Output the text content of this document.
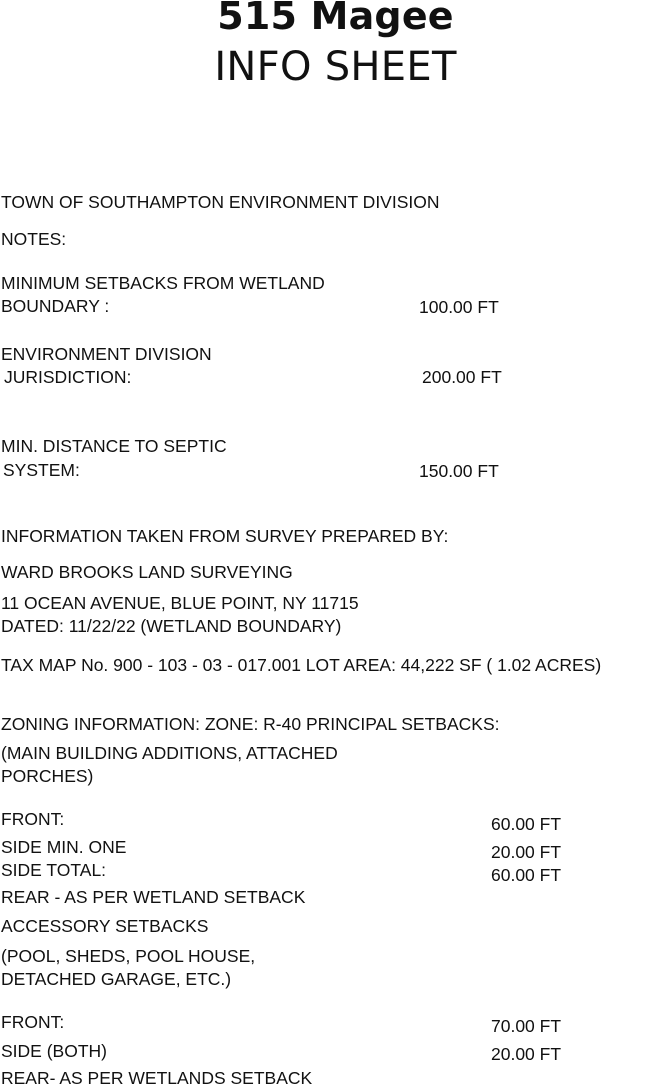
515 Magee
INFO SHEET
TOWN OF SOUTHAMPTON ENVIRONMENT DIVISION
NOTES:
MINIMUM SETBACKS FROM WETLAND
BOUNDARY :	100.00 FT
ENVIRONMENT DIVISION
JURISDICTION:	200.00 FT
MIN. DISTANCE TO SEPTIC
SYSTEM:	150.00 FT
INFORMATION TAKEN FROM SURVEY PREPARED BY:
WARD BROOKS LAND SURVEYING
11 OCEAN AVENUE, BLUE POINT, NY 11715
DATED: 11/22/22 (WETLAND BOUNDARY)
TAX MAP No. 900 - 103 - 03 - 017.001 LOT AREA: 44,222 SF ( 1.02 ACRES)
ZONING INFORMATION: ZONE: R-40 PRINCIPAL SETBACKS:
(MAIN BUILDING ADDITIONS, ATTACHED
PORCHES)
FRONT:	60.00 FT
SIDE MIN. ONE	20.00 FT
SIDE TOTAL:	60.00 FT
REAR - AS PER WETLAND SETBACK
ACCESSORY SETBACKS
(POOL, SHEDS, POOL HOUSE,
DETACHED GARAGE, ETC.)
FRONT:	70.00 FT
SIDE (BOTH)	20.00 FT
REAR- AS PER WETLANDS SETBACK
